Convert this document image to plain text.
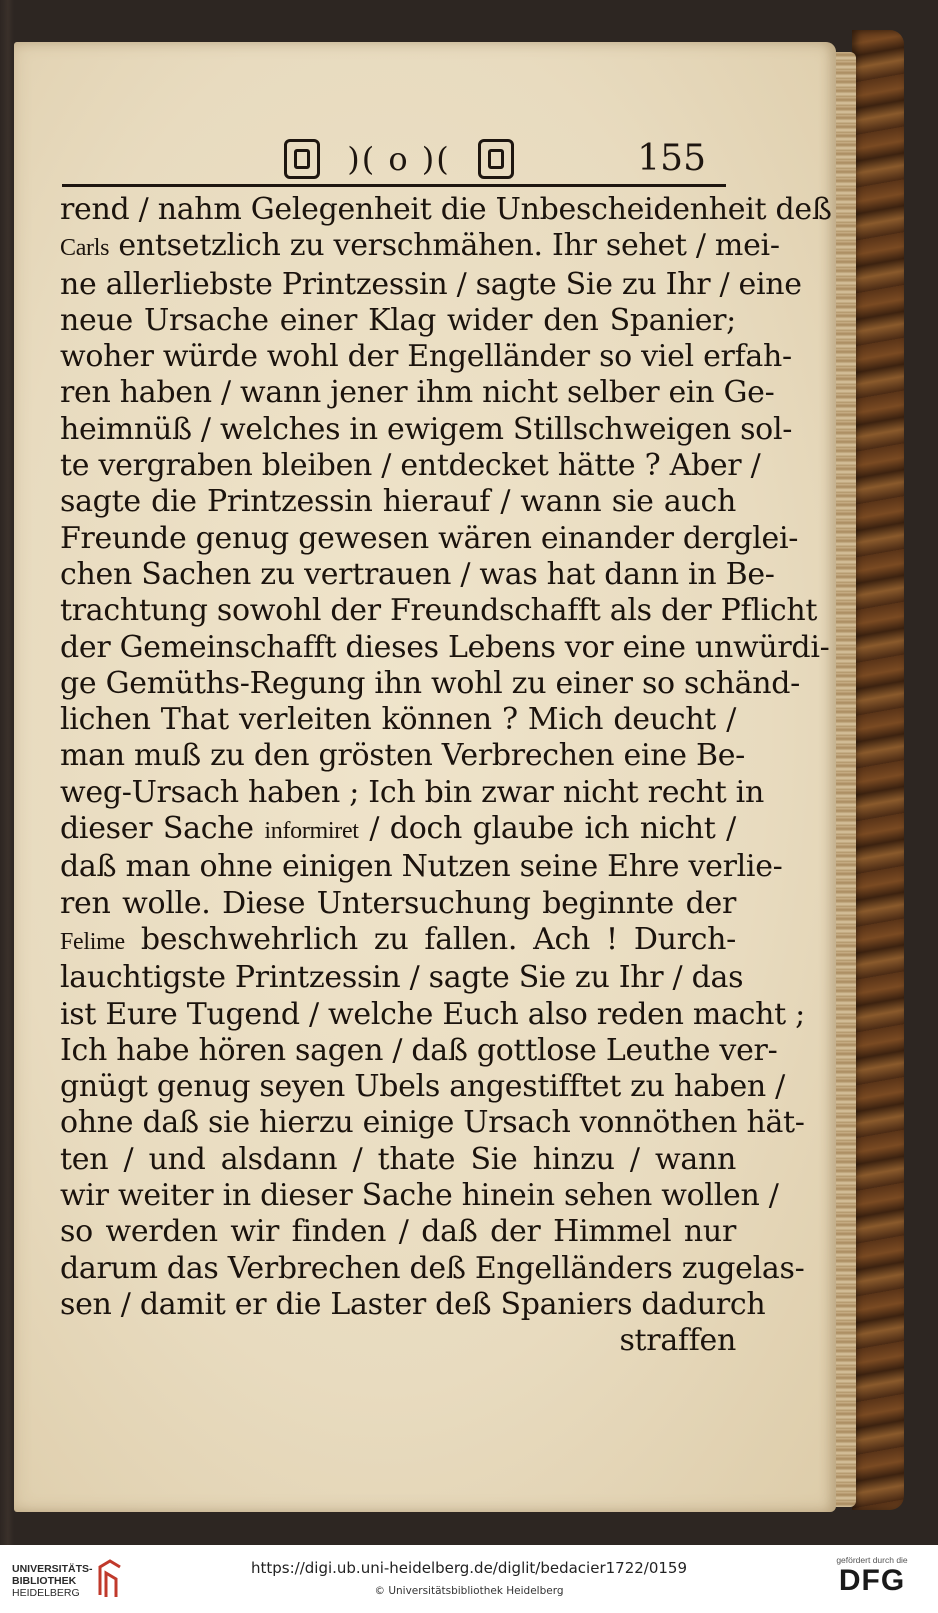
)( o )(	155
rend / nahm Gelegenheit die Unbescheidenheit deß
Carls entsetzlich zu verschmähen. Ihr sehet / mei-
ne allerliebste Printzessin / sagte Sie zu Ihr / eine
neue Ursache einer Klag wider den Spanier;
woher würde wohl der Engelländer so viel erfah-
ren haben / wann jener ihm nicht selber ein Ge-
heimnüß / welches in ewigem Stillschweigen sol-
te vergraben bleiben / entdecket hätte ? Aber /
sagte die Printzessin hierauf / wann sie auch
Freunde genug gewesen wären einander derglei-
chen Sachen zu vertrauen / was hat dann in Be-
trachtung sowohl der Freundschafft als der Pflicht
der Gemeinschafft dieses Lebens vor eine unwürdi-
ge Gemüths-Regung ihn wohl zu einer so schänd-
lichen That verleiten können ? Mich deucht /
man muß zu den grösten Verbrechen eine Be-
weg-Ursach haben ; Ich bin zwar nicht recht in
dieser Sache informiret / doch glaube ich nicht /
daß man ohne einigen Nutzen seine Ehre verlie-
ren wolle. Diese Untersuchung beginnte der
Felime beschwehrlich zu fallen. Ach ! Durch-
lauchtigste Printzessin / sagte Sie zu Ihr / das
ist Eure Tugend / welche Euch also reden macht ;
Ich habe hören sagen / daß gottlose Leuthe ver-
gnügt genug seyen Ubels angestifftet zu haben /
ohne daß sie hierzu einige Ursach vonnöthen hät-
ten / und alsdann / thate Sie hinzu / wann
wir weiter in dieser Sache hinein sehen wollen /
so werden wir finden / daß der Himmel nur
darum das Verbrechen deß Engelländers zugelas-
sen / damit er die Laster deß Spaniers dadurch
straffen
UNIVERSITÄTS-
BIBLIOTHEK
HEIDELBERG
https://digi.ub.uni-heidelberg.de/diglit/bedacier1722/0159
© Universitätsbibliothek Heidelberg
gefördert durch die
DFG
